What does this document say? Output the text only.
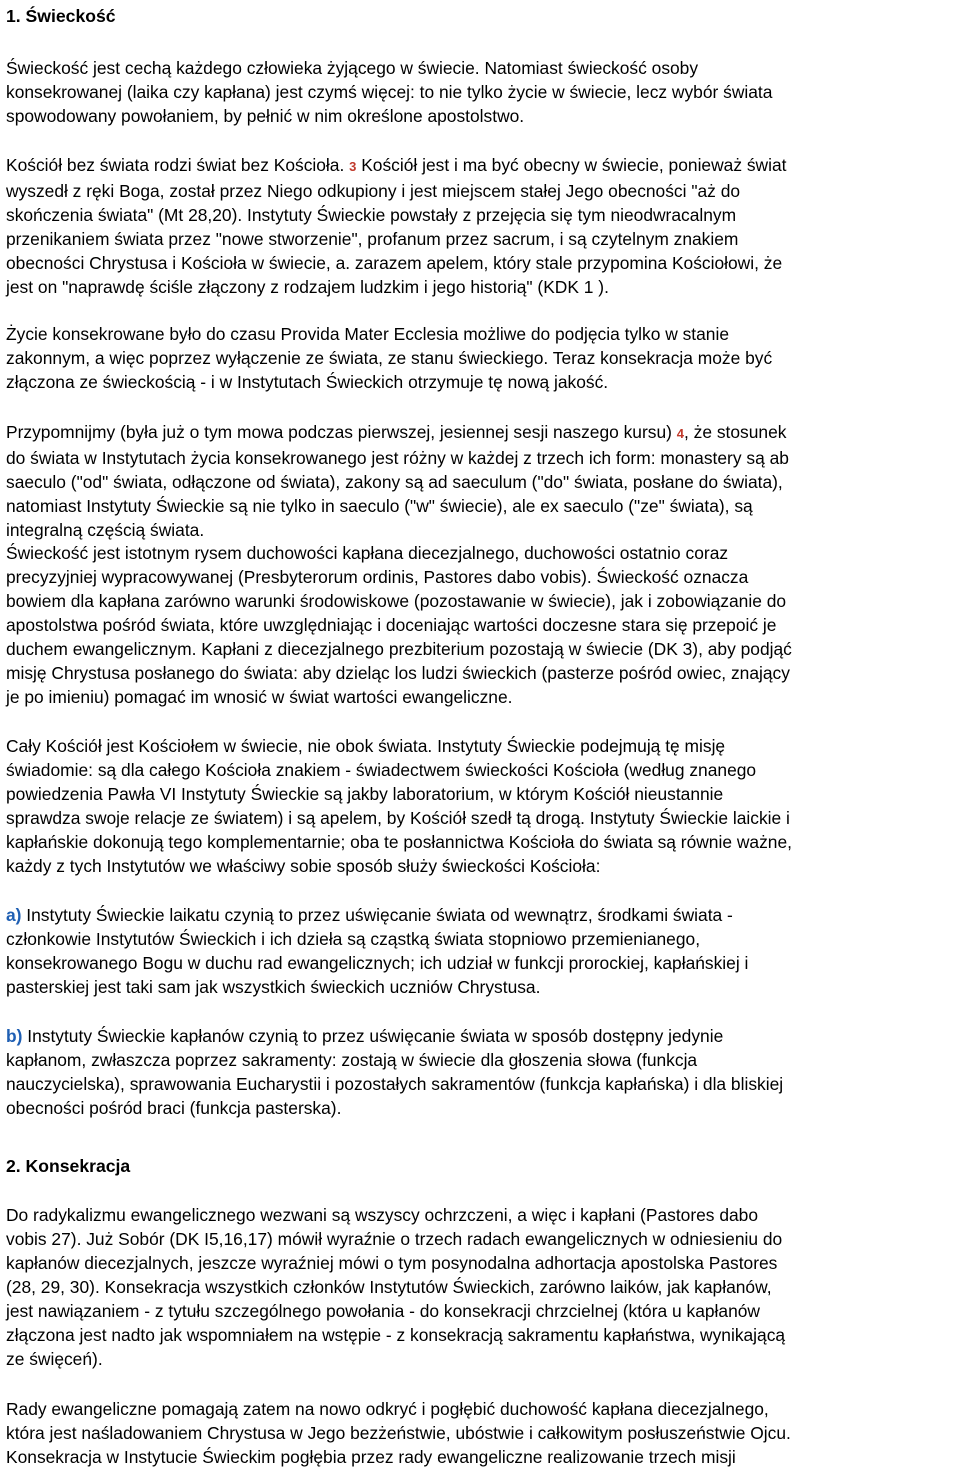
1. Świeckość

Świeckość jest cechą każdego człowieka żyjącego w świecie. Natomiast świeckość osoby
konsekrowanej (laika czy kapłana) jest czymś więcej: to nie tylko życie w świecie, lecz wybór świata
spowodowany powołaniem, by pełnić w nim określone apostolstwo.

Kościół bez świata rodzi świat bez Kościoła. 3 Kościół jest i ma być obecny w świecie, ponieważ świat
wyszedł z ręki Boga, został przez Niego odkupiony i jest miejscem stałej Jego obecności "aż do
skończenia świata" (Mt 28,20). Instytuty Świeckie powstały z przejęcia się tym nieodwracalnym
przenikaniem świata przez "nowe stworzenie", profanum przez sacrum, i są czytelnym znakiem
obecności Chrystusa i Kościoła w świecie, a. zarazem apelem, który stale przypomina Kościołowi, że
jest on "naprawdę ściśle złączony z rodzajem ludzkim i jego historią" (KDK 1 ).

Życie konsekrowane było do czasu Provida Mater Ecclesia możliwe do podjęcia tylko w stanie
zakonnym, a więc poprzez wyłączenie ze świata, ze stanu świeckiego. Teraz konsekracja może być
złączona ze świeckością - i w Instytutach Świeckich otrzymuje tę nową jakość.

Przypomnijmy (była już o tym mowa podczas pierwszej, jesiennej sesji naszego kursu) 4, że stosunek
do świata w Instytutach życia konsekrowanego jest różny w każdej z trzech ich form: monastery są ab
saeculo ("od" świata, odłączone od świata), zakony są ad saeculum ("do" świata, posłane do świata),
natomiast Instytuty Świeckie są nie tylko in saeculo ("w" świecie), ale ex saeculo ("ze" świata), są
integralną częścią świata.

Świeckość jest istotnym rysem duchowości kapłana diecezjalnego, duchowości ostatnio coraz
precyzyjniej wypracowywanej (Presbyterorum ordinis, Pastores dabo vobis). Świeckość oznacza
bowiem dla kapłana zarówno warunki środowiskowe (pozostawanie w świecie), jak i zobowiązanie do
apostolstwa pośród świata, które uwzględniając i doceniając wartości doczesne stara się przepoić je
duchem ewangelicznym. Kapłani z diecezjalnego prezbiterium pozostają w świecie (DK 3), aby podjąć
misję Chrystusa posłanego do świata: aby dzieląc los ludzi świeckich (pasterze pośród owiec, znający
je po imieniu) pomagać im wnosić w świat wartości ewangeliczne.

Cały Kościół jest Kościołem w świecie, nie obok świata. Instytuty Świeckie podejmują tę misję
świadomie: są dla całego Kościoła znakiem - świadectwem świeckości Kościoła (według znanego
powiedzenia Pawła VI Instytuty Świeckie są jakby laboratorium, w którym Kościół nieustannie
sprawdza swoje relacje ze światem) i są apelem, by Kościół szedł tą drogą. Instytuty Świeckie laickie i
kapłańskie dokonują tego komplementarnie; oba te posłannictwa Kościoła do świata są równie ważne,
każdy z tych Instytutów we właściwy sobie sposób służy świeckości Kościoła:

a) Instytuty Świeckie laikatu czynią to przez uświęcanie świata od wewnątrz, środkami świata -
członkowie Instytutów Świeckich i ich dzieła są cząstką świata stopniowo przemienianego,
konsekrowanego Bogu w duchu rad ewangelicznych; ich udział w funkcji prorockiej, kapłańskiej i
pasterskiej jest taki sam jak wszystkich świeckich uczniów Chrystusa.

b) Instytuty Świeckie kapłanów czynią to przez uświęcanie świata w sposób dostępny jedynie
kapłanom, zwłaszcza poprzez sakramenty: zostają w świecie dla głoszenia słowa (funkcja
nauczycielska), sprawowania Eucharystii i pozostałych sakramentów (funkcja kapłańska) i dla bliskiej
obecności pośród braci (funkcja pasterska).

2. Konsekracja

Do radykalizmu ewangelicznego wezwani są wszyscy ochrzczeni, a więc i kapłani (Pastores dabo
vobis 27). Już Sobór (DK I5,16,17) mówił wyraźnie o trzech radach ewangelicznych w odniesieniu do
kapłanów diecezjalnych, jeszcze wyraźniej mówi o tym posynodalna adhortacja apostolska Pastores
(28, 29, 30). Konsekracja wszystkich członków Instytutów Świeckich, zarówno laików, jak kapłanów,
jest nawiązaniem - z tytułu szczególnego powołania - do konsekracji chrzcielnej (która u kapłanów
złączona jest nadto jak wspomniałem na wstępie - z konsekracją sakramentu kapłaństwa, wynikającą
ze święceń).

Rady ewangeliczne pomagają zatem na nowo odkryć i pogłębić duchowość kapłana diecezjalnego,
która jest naśladowaniem Chrystusa w Jego bezżeństwie, ubóstwie i całkowitym posłuszeństwie Ojcu.
Konsekracja w Instytucie Świeckim pogłębia przez rady ewangeliczne realizowanie trzech misji
